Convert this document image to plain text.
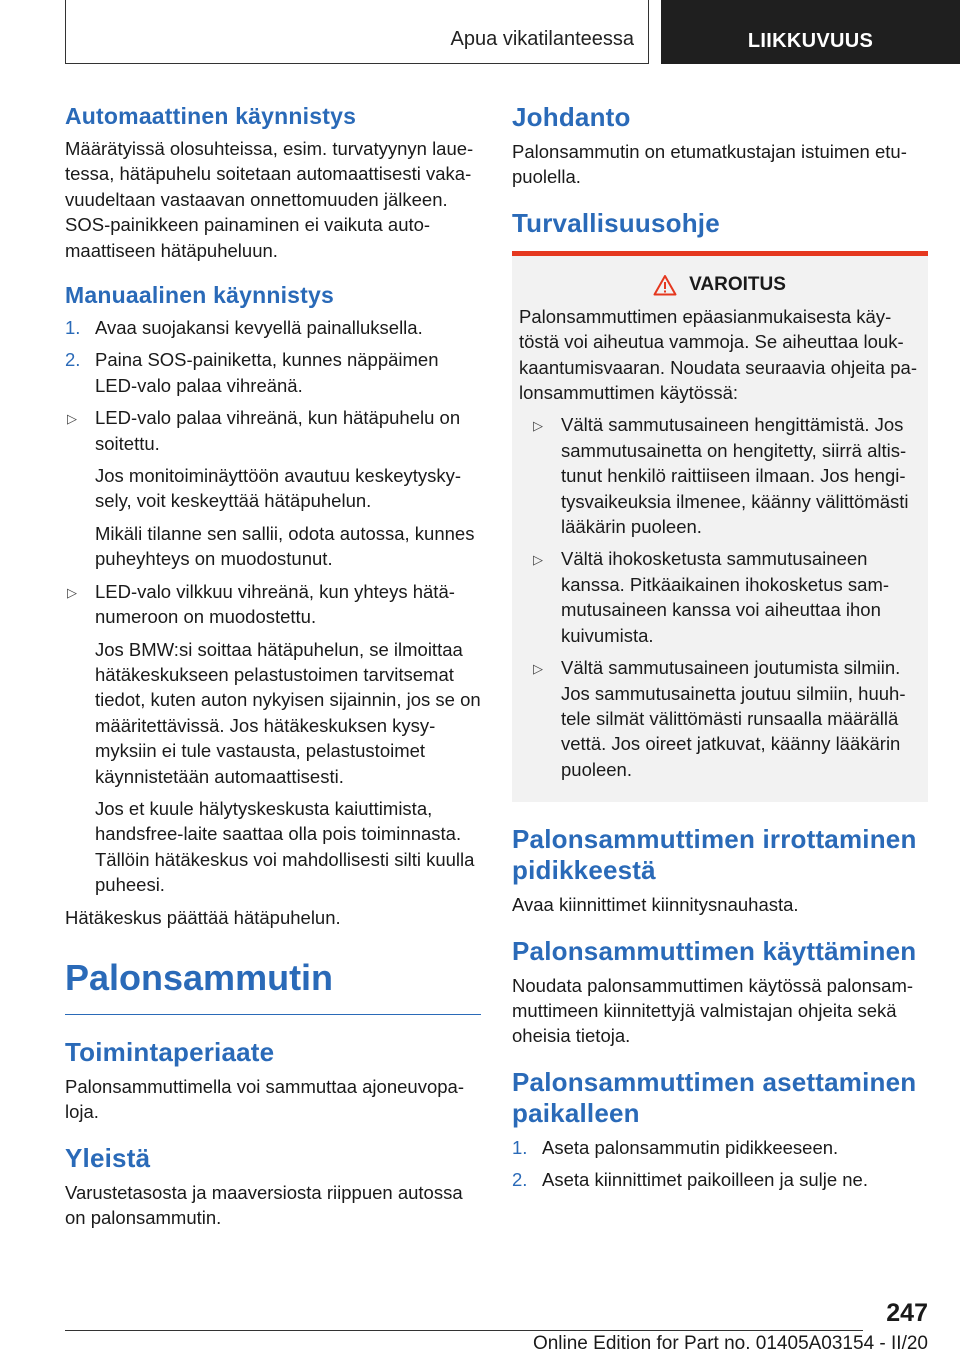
Apua vikatilanteessa	LIIKKUVUUS
Automaattinen käynnistys

Määrätyissä olosuhteissa, esim. turvatyynyn lauetessa, hätäpuhelu soitetaan automaattisesti vakavuudeltaan vastaavan onnettomuuden jälkeen. SOS-painikkeen painaminen ei vaikuta automaattiseen hätäpuheluun.

Manuaalinen käynnistys
1. Avaa suojakansi kevyellä painalluksella.
2. Paina SOS-painiketta, kunnes näppäimen LED-valo palaa vihreänä.
▷ LED-valo palaa vihreänä, kun hätäpuhelu on soitettu.

Jos monitoiminäyttöön avautuu keskeytyskysely, voit keskeyttää hätäpuhelun.

Mikäli tilanne sen sallii, odota autossa, kunnes puheyhteys on muodostunut.

▷ LED-valo vilkkuu vihreänä, kun yhteys hätänumeroon on muodostettu.

Jos BMW:si soittaa hätäpuhelun, se ilmoittaa hätäkeskukseen pelastustoimen tarvitsemat tiedot, kuten auton nykyisen sijainnin, jos se on määritettävissä. Jos hätäkeskuksen kysymyksiin ei tule vastausta, pelastustoimet käynnistetään automaattisesti.

Jos et kuule hälytyskeskusta kaiuttimista, handsfree-laite saattaa olla pois toiminnasta. Tällöin hätäkeskus voi mahdollisesti silti kuulla puheesi.

Hätäkeskus päättää hätäpuhelun.

Palonsammutin
Toimintaperiaate

Palonsammuttimella voi sammuttaa ajoneuvopaloja.

Yleistä

Varustetasosta ja maaversiosta riippuen autossa on palonsammutin.

Johdanto

Palonsammutin on etumatkustajan istuimen etupuolella.

Turvallisuusohje
VAROITUS

Palonsammuttimen epäasianmukaisesta käytöstä voi aiheutua vammoja. Se aiheuttaa loukkaantumisvaaran. Noudata seuraavia ohjeita palonsammuttimen käytössä:

▷ Vältä sammutusaineen hengittämistä. Jos sammutusainetta on hengitetty, siirrä altistunut henkilö raittiiseen ilmaan. Jos hengitysvaikeuksia ilmenee, käänny välittömästi lääkärin puoleen.
▷ Vältä ihokosketusta sammutusaineen kanssa. Pitkäaikainen ihokosketus sammutusaineen kanssa voi aiheuttaa ihon kuivumista.
▷ Vältä sammutusaineen joutumista silmiin. Jos sammutusainetta joutuu silmiin, huuhtele silmät välittömästi runsaalla määrällä vettä. Jos oireet jatkuvat, käänny lääkärin puoleen.
Palonsammuttimen irrottaminen pidikkeestä

Avaa kiinnittimet kiinnitysnauhasta.

Palonsammuttimen käyttäminen

Noudata palonsammuttimen käytössä palonsammuttimeen kiinnitettyjä valmistajan ohjeita sekä oheisia tietoja.

Palonsammuttimen asettaminen paikalleen
1. Aseta palonsammutin pidikkeeseen.
2. Aseta kiinnittimet paikoilleen ja sulje ne.
247
Online Edition for Part no. 01405A03154 - II/20
